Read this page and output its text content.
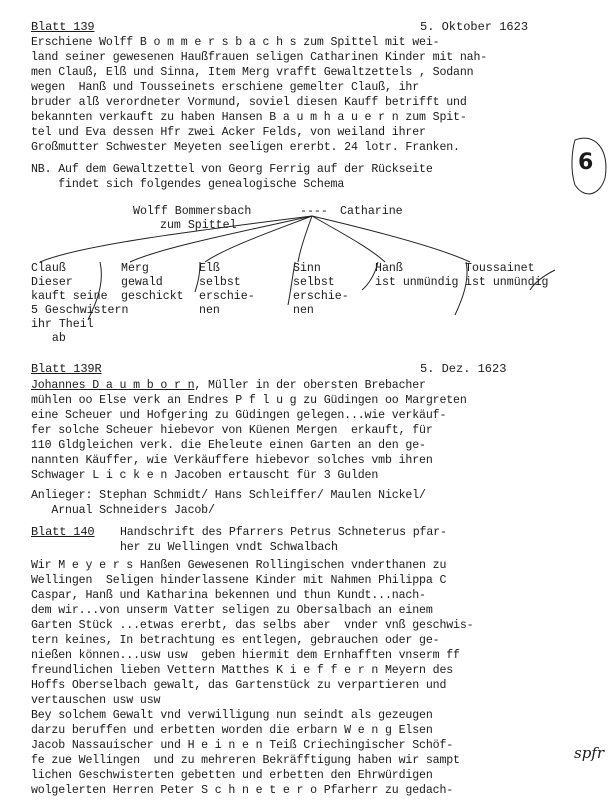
Blatt 139	5. Oktober 1623
Erschiene Wolff B o m m e r s b a c h s zum Spittel mit wei-
land seiner gewesenen Haußfrauen seligen Catharinen Kinder mit nah-
men Clauß, Elß und Sinna, Item Merg vrafft Gewaltzettels , Sodann
wegen  Hanß und Tousseinets erschiene gemelter Clauß, ihr
bruder alß verordneter Vormund, soviel diesen Kauff betrifft und
bekannten verkauft zu haben Hansen B a u m h a u e r n zum Spit-
tel und Eva dessen Hfr zwei Acker Felds, von weiland ihrer
Großmutter Schwester Meyeten seeligen ererbt. 24 lotr. Franken.
6
NB. Auf dem Gewaltzettel von Georg Ferrig auf der Rückseite
findet sich folgendes genealogische Schema
Wolff Bommersbach	---- Catharine
zum Spittel
Clauß
Dieser
kauft seine
5 Geschwistern
ihr Theil
ab
Merg
gewald
geschickt
Elß
selbst
erschie-
nen
Sinn
selbst
erschie-
nen
Hanß
ist unmündig
Toussainet
ist unmündig
Blatt 139R	5. Dez. 1623
Johannes D a u m b o r n, Müller in der obersten Brebacher
mühlen oo Else verk an Endres P f l u g zu Güdingen oo Margreten
eine Scheuer und Hofgering zu Güdingen gelegen...wie verkäuf-
fer solche Scheuer hiebevor von Küenen Mergen  erkauft, für
110 Gldgleichen verk. die Eheleute einen Garten an den ge-
nannten Käuffer, wie Verkäuffere hiebevor solches vmb ihren
Schwager L i c k e n Jacoben ertauscht für 3 Gulden
Anlieger: Stephan Schmidt/ Hans Schleiffer/ Maulen Nickel/
Arnual Schneiders Jacob/
Blatt 140 Handschrift des Pfarrers Petrus Schneterus pfar-
her zu Wellingen vndt Schwalbach
Wir M e y e r s Hanßen Gewesenen Rollingischen vnderthanen zu
Wellingen  Seligen hinderlassene Kinder mit Nahmen Philippa C
Caspar, Hanß und Katharina bekennen und thun Kundt...nach-
dem wir...von unserm Vatter seligen zu Obersalbach an einem
Garten Stück ...etwas ererbt, das selbs aber  vnder vnß geschwis-
tern keines, In betrachtung es entlegen, gebrauchen oder ge-
nießen können...usw usw  geben hiermit dem Ernhafften vnserm ff
freundlichen lieben Vettern Matthes K i e f f e r n Meyern des
Hoffs Oberselbach gewalt, das Gartenstück zu verpartieren und
vertauschen usw usw
Bey solchem Gewalt vnd verwilligung nun seindt als gezeugen
darzu beruffen und erbetten worden die erbarn W e n g Elsen
Jacob Nassauischer und H e i n e n Teiß Criechingischer Schöf-
fe zue Wellingen  und zu mehreren Bekräfftigung haben wir sampt
lichen Geschwisterten gebetten und erbetten den Ehrwürdigen
wolgelerten Herren Peter S c h n e t e r o Pfarherr zu gedach-
spfr
